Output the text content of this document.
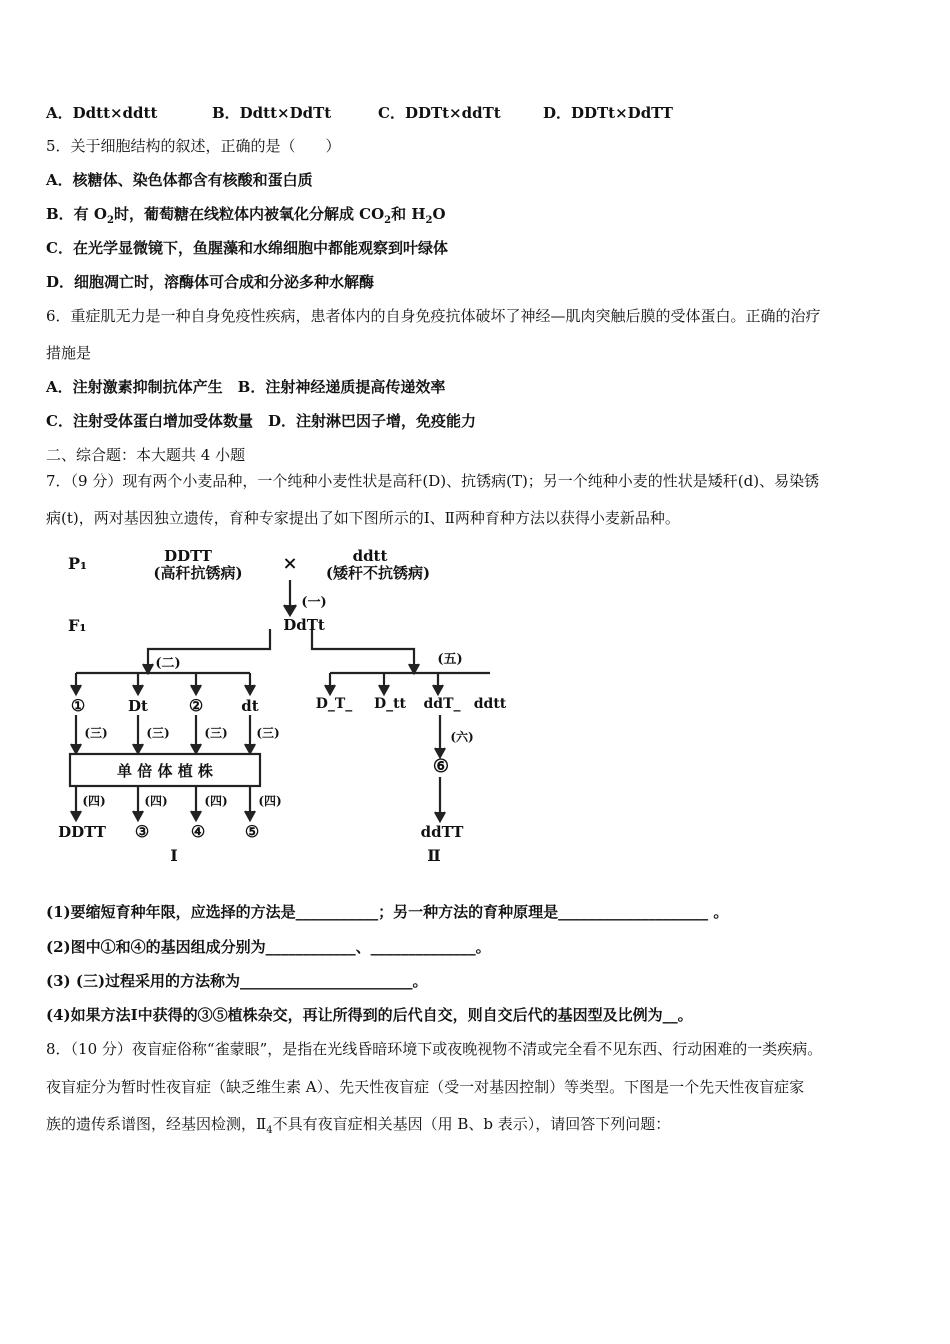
A．Ddtt×ddtt	B．Ddtt×DdTt	C．DDTt×ddTt	D．DDTt×DdTT
5．关于细胞结构的叙述，正确的是（　　）
A．核糖体、染色体都含有核酸和蛋白质
B．有 $O_2$时，葡萄糖在线粒体内被氧化分解成 $CO_2$和 $H_2O$
C．在光学显微镜下，鱼腥藻和水绵细胞中都能观察到叶绿体
D．细胞凋亡时，溶酶体可合成和分泌多种水解酶
6．重症肌无力是一种自身免疫性疾病，患者体内的自身免疫抗体破坏了神经—肌肉突触后膜的受体蛋白。正确的治疗
措施是
A．注射激素抑制抗体产生　B．注射神经递质提高传递效率
C．注射受体蛋白增加受体数量　D．注射淋巴因子增，免疫能力
二、综合题：本大题共 4 小题
7．（9 分）现有两个小麦品种，一个纯种小麦性状是高秆(D)、抗锈病(T)；另一个纯种小麦的性状是矮秆(d)、易染锈
病(t)，两对基因独立遗传，育种专家提出了如下图所示的Ⅰ、Ⅱ两种育种方法以获得小麦新品种。
P₁
F₁
DDTT
(高秆抗锈病) ×	ddtt
(矮秆不抗锈病)
(一)
DdTt
(二)	(五)
①	Dt	②	dt	D_T_ D_tt ddT_ ddtt
(三)	(三)	(三) (三)
单 倍 体 植 株
(四)	(四)	(四)	(四)
DDTT ③	④ ⑤
Ⅰ
(六)
⑥
ddTT
Ⅱ
(1)要缩短育种年限，应选择的方法是___________；另一种方法的育种原理是____________________ 。
(2)图中①和④的基因组成分别为____________、______________。
(3) (三)过程采用的方法称为_______________________。
(4)如果方法Ⅰ中获得的③⑤植株杂交，再让所得到的后代自交，则自交后代的基因型及比例为__。
8．（10 分）夜盲症俗称“雀蒙眼”，是指在光线昏暗环境下或夜晚视物不清或完全看不见东西、行动困难的一类疾病。
夜盲症分为暂时性夜盲症（缺乏维生素 A）、先天性夜盲症（受一对基因控制）等类型。下图是一个先天性夜盲症家
族的遗传系谱图，经基因检测，$Ⅱ_4$不具有夜盲症相关基因（用 B、b 表示），请回答下列问题：
